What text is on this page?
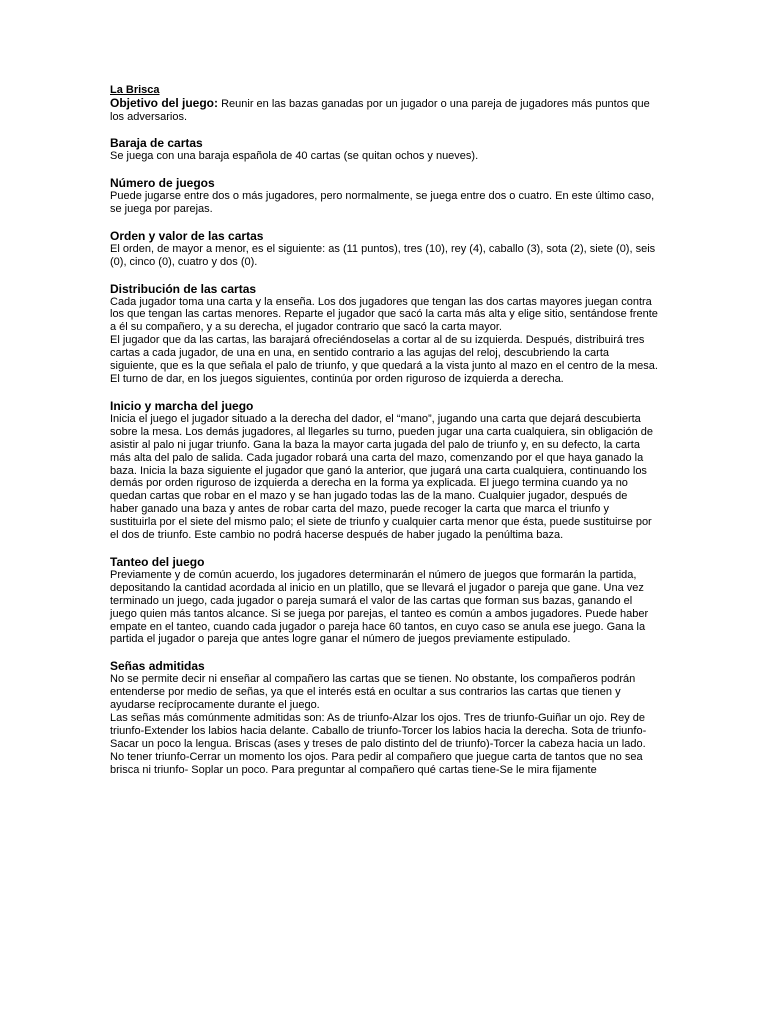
La Brisca

Objetivo del juego: Reunir en las bazas ganadas por un jugador o una pareja de jugadores más puntos que los adversarios.

Baraja de cartas

Se juega con una baraja española de 40 cartas (se quitan ochos y nueves).

Número de juegos

Puede jugarse entre dos o más jugadores, pero normalmente, se juega entre dos o cuatro. En este último caso, se juega por parejas.

Orden y valor de las cartas

El orden, de mayor a menor, es el siguiente: as (11 puntos), tres (10), rey (4), caballo (3), sota (2), siete (0), seis (0), cinco (0), cuatro y dos (0).

Distribución de las cartas

Cada jugador toma una carta y la enseña. Los dos jugadores que tengan las dos cartas mayores juegan contra los que tengan las cartas menores. Reparte el jugador que sacó la carta más alta y elige sitio, sentándose frente a él su compañero, y a su derecha, el jugador contrario que sacó la carta mayor.

El jugador que da las cartas, las barajará ofreciéndoselas a cortar al de su izquierda. Después, distribuirá tres cartas a cada jugador, de una en una, en sentido contrario a las agujas del reloj, descubriendo la carta siguiente, que es la que señala el palo de triunfo, y que quedará a la vista junto al mazo en el centro de la mesa. El turno de dar, en los juegos siguientes, continúa por orden riguroso de izquierda a derecha.

Inicio y marcha del juego

Inicia el juego el jugador situado a la derecha del dador, el “mano”, jugando una carta que dejará descubierta sobre la mesa. Los demás jugadores, al llegarles su turno, pueden jugar una carta cualquiera, sin obligación de asistir al palo ni jugar triunfo. Gana la baza la mayor carta jugada del palo de triunfo y, en su defecto, la carta más alta del palo de salida. Cada jugador robará una carta del mazo, comenzando por el que haya ganado la baza. Inicia la baza siguiente el jugador que ganó la anterior, que jugará una carta cualquiera, continuando los demás por orden riguroso de izquierda a derecha en la forma ya explicada. El juego termina cuando ya no quedan cartas que robar en el mazo y se han jugado todas las de la mano. Cualquier jugador, después de haber ganado una baza y antes de robar carta del mazo, puede recoger la carta que marca el triunfo y sustituirla por el siete del mismo palo; el siete de triunfo y cualquier carta menor que ésta, puede sustituirse por el dos de triunfo. Este cambio no podrá hacerse después de haber jugado la penúltima baza.

Tanteo del juego

Previamente y de común acuerdo, los jugadores determinarán el número de juegos que formarán la partida, depositando la cantidad acordada al inicio en un platillo, que se llevará el jugador o pareja que gane. Una vez terminado un juego, cada jugador o pareja sumará el valor de las cartas que forman sus bazas, ganando el juego quien más tantos alcance. Si se juega por parejas, el tanteo es común a ambos jugadores. Puede haber empate en el tanteo, cuando cada jugador o pareja hace 60 tantos, en cuyo caso se anula ese juego. Gana la partida el jugador o pareja que antes logre ganar el número de juegos previamente estipulado.

Señas admitidas

No se permite decir ni enseñar al compañero las cartas que se tienen. No obstante, los compañeros podrán entenderse por medio de señas, ya que el interés está en ocultar a sus contrarios las cartas que tienen y ayudarse recíprocamente durante el juego.

Las señas más comúnmente admitidas son: As de triunfo-Alzar los ojos. Tres de triunfo-Guiñar un ojo. Rey de triunfo-Extender los labios hacia delante. Caballo de triunfo-Torcer los labios hacia la derecha. Sota de triunfo-Sacar un poco la lengua. Briscas (ases y treses de palo distinto del de triunfo)-Torcer la cabeza hacia un lado. No tener triunfo-Cerrar un momento los ojos. Para pedir al compañero que juegue carta de tantos que no sea brisca ni triunfo- Soplar un poco. Para preguntar al compañero qué cartas tiene-Se le mira fijamente
